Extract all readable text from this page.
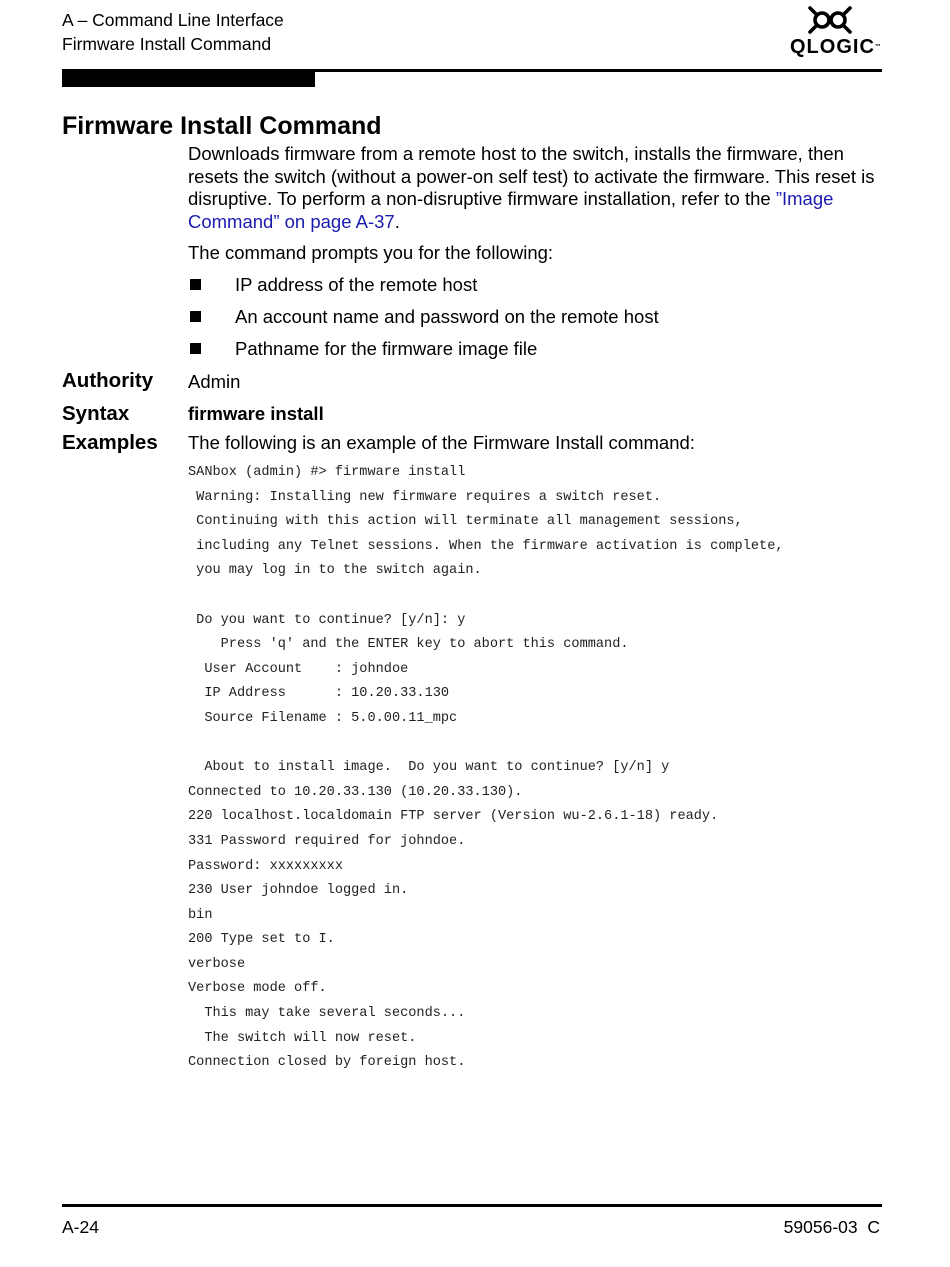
A – Command Line Interface
Firmware Install Command	QLOGIC™
Firmware Install Command

Downloads firmware from a remote host to the switch, installs the firmware, then resets the switch (without a power-on self test) to activate the firmware. This reset is disruptive. To perform a non-disruptive firmware installation, refer to the ”Image Command” on page A-37.

The command prompts you for the following:

IP address of the remote host
An account name and password on the remote host
Pathname for the firmware image file
Authority Admin
Syntax	firmware install
Examples The following is an example of the Firmware Install command:
SANbox (admin) #> firmware install
Warning: Installing new firmware requires a switch reset.
Continuing with this action will terminate all management sessions,
including any Telnet sessions. When the firmware activation is complete,
you may log in to the switch again.

Do you want to continue? [y/n]: y
Press 'q' and the ENTER key to abort this command.
User Account    : johndoe
IP Address      : 10.20.33.130
Source Filename : 5.0.00.11_mpc

About to install image.  Do you want to continue? [y/n] y
Connected to 10.20.33.130 (10.20.33.130).
220 localhost.localdomain FTP server (Version wu-2.6.1-18) ready.
331 Password required for johndoe.
Password: xxxxxxxxx
230 User johndoe logged in.
bin
200 Type set to I.
verbose
Verbose mode off.
This may take several seconds...
The switch will now reset.
Connection closed by foreign host.
A-24	59056-03  C
